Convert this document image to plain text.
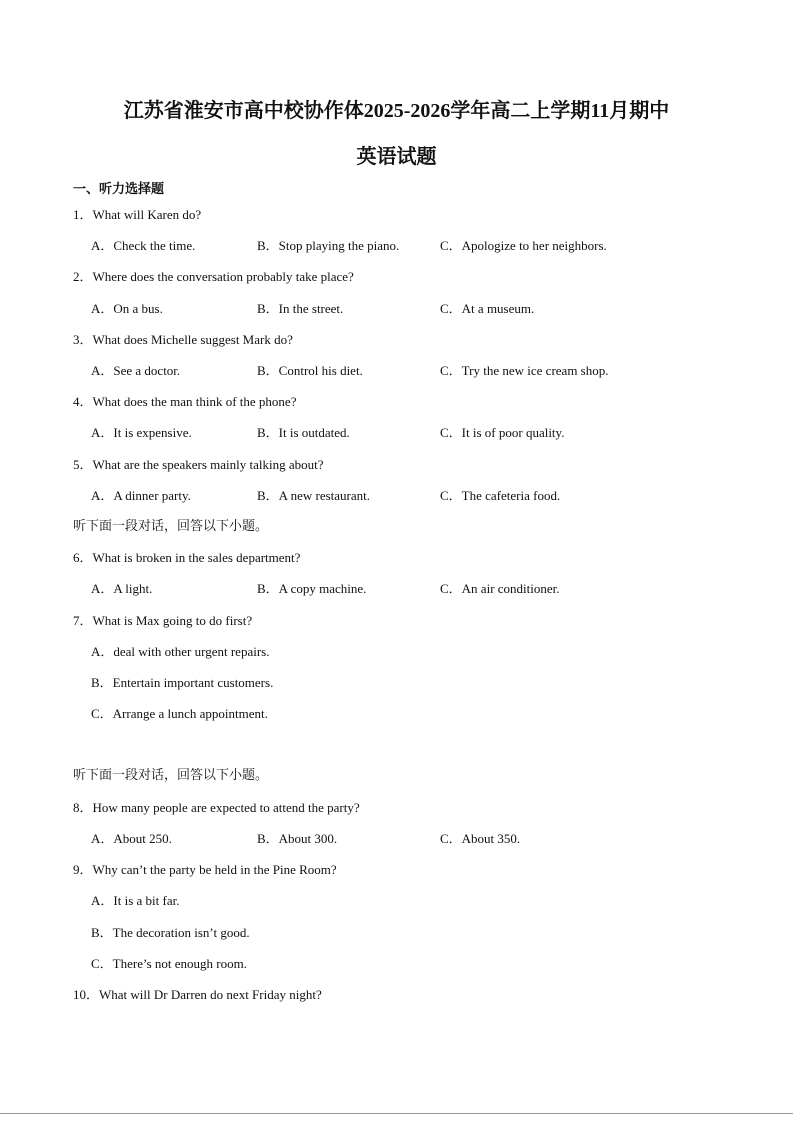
江苏省淮安市高中校协作体2025-2026学年高二上学期11月期中
英语试题
一、听力选择题
1．What will Karen do?
A．Check the time.	B．Stop playing the piano.	C．Apologize to her neighbors.
2．Where does the conversation probably take place?
A．On a bus.	B．In the street.	C．At a museum.
3．What does Michelle suggest Mark do?
A．See a doctor.	B．Control his diet.	C．Try the new ice cream shop.
4．What does the man think of the phone?
A．It is expensive.	B．It is outdated.	C．It is of poor quality.
5．What are the speakers mainly talking about?
A．A dinner party.	B．A new restaurant.	C．The cafeteria food.
听下面一段对话，回答以下小题。
6．What is broken in the sales department?
A．A light.	B．A copy machine.	C．An air conditioner.
7．What is Max going to do first?
A．deal with other urgent repairs.
B．Entertain important customers.
C．Arrange a lunch appointment.
听下面一段对话，回答以下小题。
8．How many people are expected to attend the party?
A．About 250.	B．About 300.	C．About 350.
9．Why can’t the party be held in the Pine Room?
A．It is a bit far.
B．The decoration isn’t good.
C．There’s not enough room.
10．What will Dr Darren do next Friday night?
